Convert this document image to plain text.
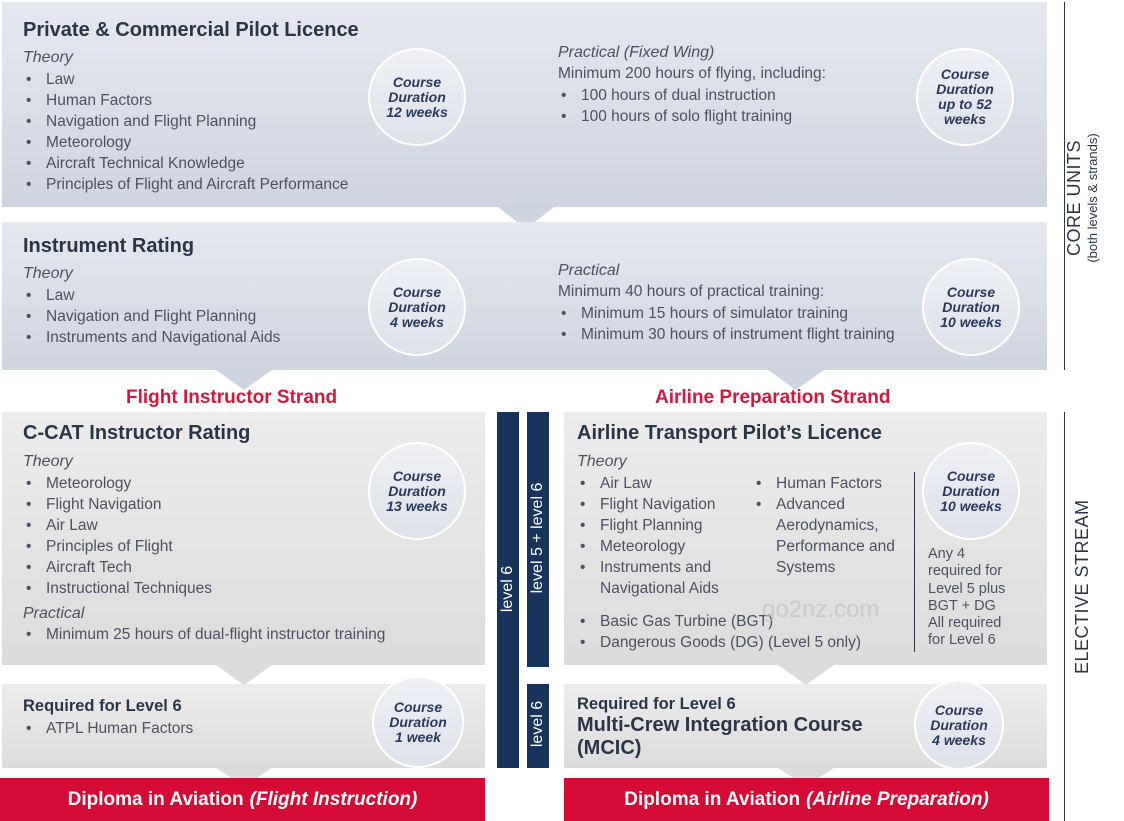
Private & Commercial Pilot Licence
Theory
• Law
• Human Factors
• Navigation and Flight Planning
• Meteorology
• Aircraft Technical Knowledge
• Principles of Flight and Aircraft Performance
Course
Duration
12 weeks
Practical (Fixed Wing)
Minimum 200 hours of flying, including:
• 100 hours of dual instruction
• 100 hours of solo flight training
Course
Duration
up to 52
weeks
Instrument Rating
Theory
• Law
• Navigation and Flight Planning
• Instruments and Navigational Aids
Course
Duration
4 weeks
Practical
Minimum 40 hours of practical training:
• Minimum 15 hours of simulator training
• Minimum 30 hours of instrument flight training
Course
Duration
10 weeks
Flight Instructor Strand	Airline Preparation Strand
C-CAT Instructor Rating
Theory
• Meteorology
• Flight Navigation
• Air Law
• Principles of Flight
• Aircraft Tech
• Instructional Techniques
Course
Duration
13 weeks
Practical
• Minimum 25 hours of dual-flight instructor training
Required for Level 6
• ATPL Human Factors
Course
Duration
1 week
level 6 level 5 + level 6
level 6
Airline Transport Pilot’s Licence
Theory
• Air Law
• Flight Navigation
• Flight Planning
• Meteorology
• Instruments and Navigational Aids
• Human Factors
• Advanced Aerodynamics, Performance and Systems
• Basic Gas Turbine (BGT)
• Dangerous Goods (DG) (Level 5 only)
Course
Duration
10 weeks
Any 4
required for
Level 5 plus
BGT + DG
All required
for Level 6
go2nz.com
Required for Level 6
Multi-Crew Integration Course
(MCIC)
Course
Duration
4 weeks
Diploma in Aviation (Flight Instruction)	Diploma in Aviation (Airline Preparation)
CORE UNITS (both levels & strands)
ELECTIVE STREAM
